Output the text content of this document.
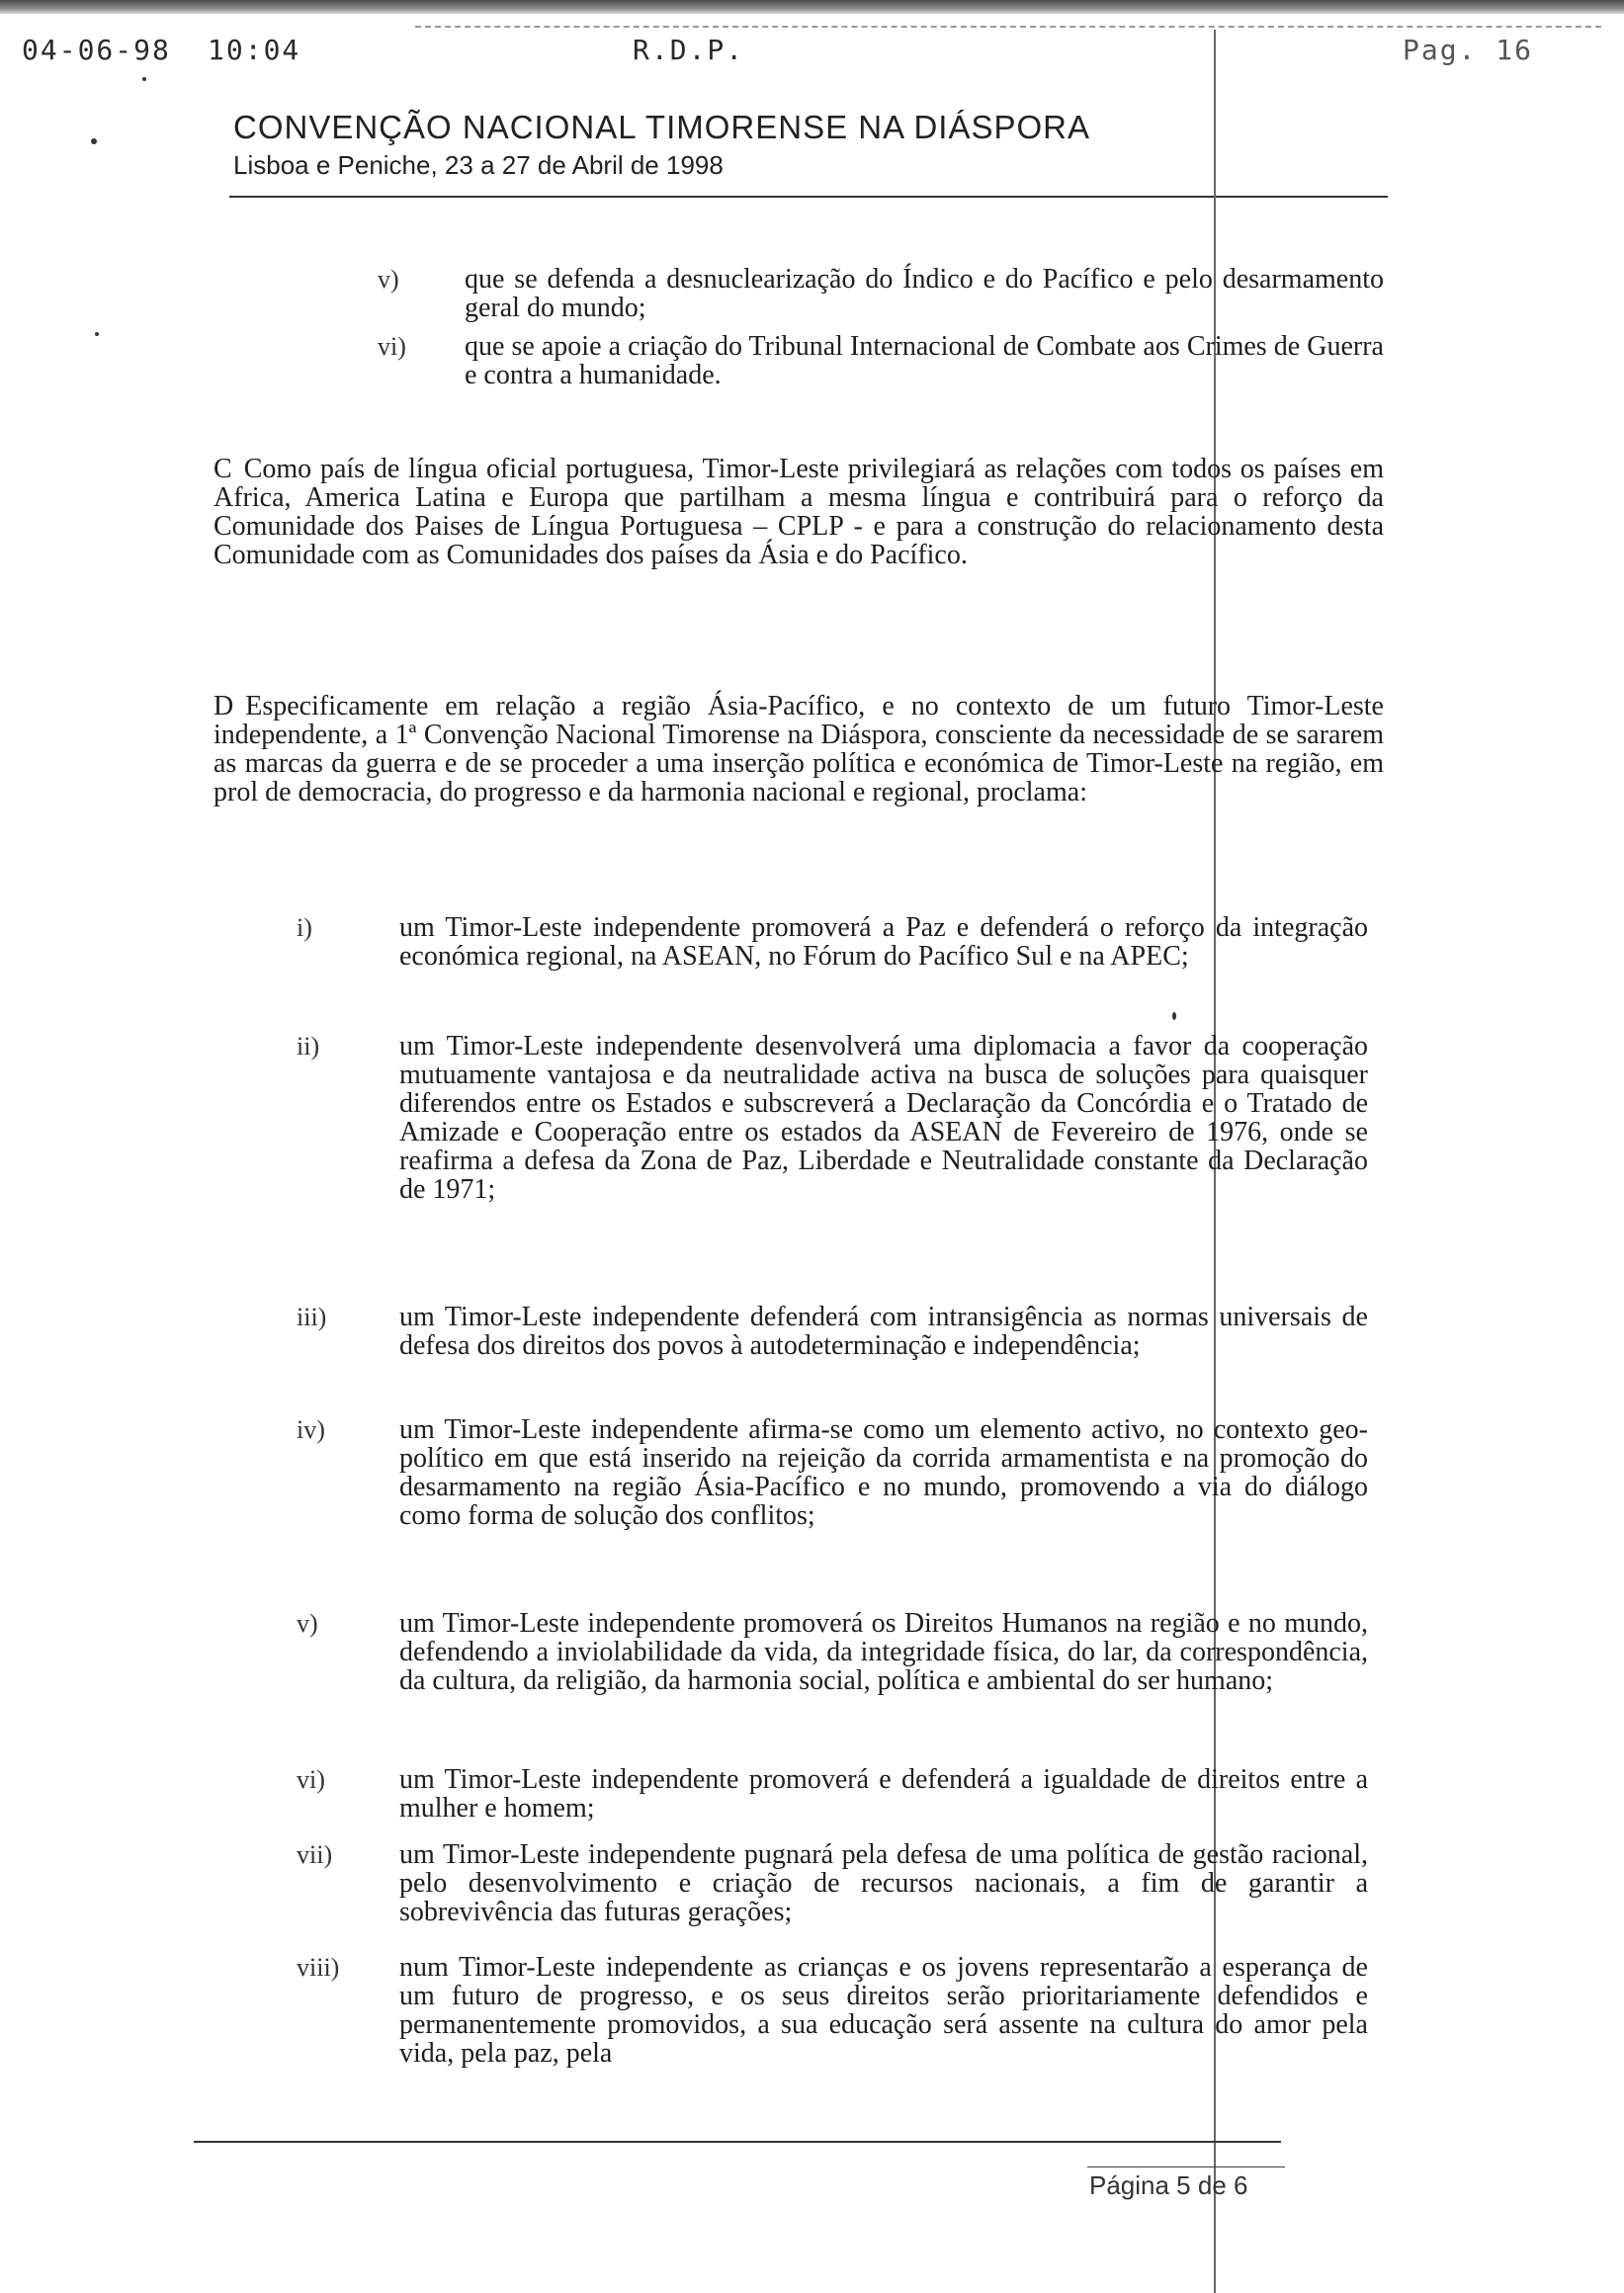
04-06-98 10:04	R.D.P.	Pag. 16
CONVENÇÃO NACIONAL TIMORENSE NA DIÁSPORA
Lisboa e Peniche, 23 a 27 de Abril de 1998
v) que se defenda a desnuclearização do Índico e do Pacífico e pelo desarmamento geral do mundo;
vi) que se apoie a criação do Tribunal Internacional de Combate aos Crimes de Guerra e contra a humanidade.
C Como país de língua oficial portuguesa, Timor-Leste privilegiará as relações com todos os países em Africa, America Latina e Europa que partilham a mesma língua e contribuirá para o reforço da Comunidade dos Paises de Língua Portuguesa – CPLP - e para a construção do relacionamento desta Comunidade com as Comunidades dos países da Ásia e do Pacífico.
D Especificamente em relação a região Ásia-Pacífico, e no contexto de um futuro Timor-Leste independente, a 1ª Convenção Nacional Timorense na Diáspora, consciente da necessidade de se sararem as marcas da guerra e de se proceder a uma inserção política e económica de Timor-Leste na região, em prol de democracia, do progresso e da harmonia nacional e regional, proclama:
i)	um Timor-Leste independente promoverá a Paz e defenderá o reforço da integração económica regional, na ASEAN, no Fórum do Pacífico Sul e na APEC;
ii)	um Timor-Leste independente desenvolverá uma diplomacia a favor da cooperação mutuamente vantajosa e da neutralidade activa na busca de soluções para quaisquer diferendos entre os Estados e subscreverá a Declaração da Concórdia e o Tratado de Amizade e Cooperação entre os estados da ASEAN de Fevereiro de 1976, onde se reafirma a defesa da Zona de Paz, Liberdade e Neutralidade constante da Declaração de 1971;
iii)	um Timor-Leste independente defenderá com intransigência as normas universais de defesa dos direitos dos povos à autodeterminação e independência;
iv)	um Timor-Leste independente afirma-se como um elemento activo, no contexto geo-político em que está inserido na rejeição da corrida armamentista e na promoção do desarmamento na região Ásia-Pacífico e no mundo, promovendo a via do diálogo como forma de solução dos conflitos;
v)	um Timor-Leste independente promoverá os Direitos Humanos na região e no mundo, defendendo a inviolabilidade da vida, da integridade física, do lar, da correspondência, da cultura, da religião, da harmonia social, política e ambiental do ser humano;
vi)	um Timor-Leste independente promoverá e defenderá a igualdade de direitos entre a mulher e homem;
vii)	um Timor-Leste independente pugnará pela defesa de uma política de gestão racional, pelo desenvolvimento e criação de recursos nacionais, a fim de garantir a sobrevivência das futuras gerações;
viii)	num Timor-Leste independente as crianças e os jovens representarão a esperança de um futuro de progresso, e os seus direitos serão prioritariamente defendidos e permanentemente promovidos, a sua educação será assente na cultura do amor pela vida, pela paz, pela
Página 5 de 6
